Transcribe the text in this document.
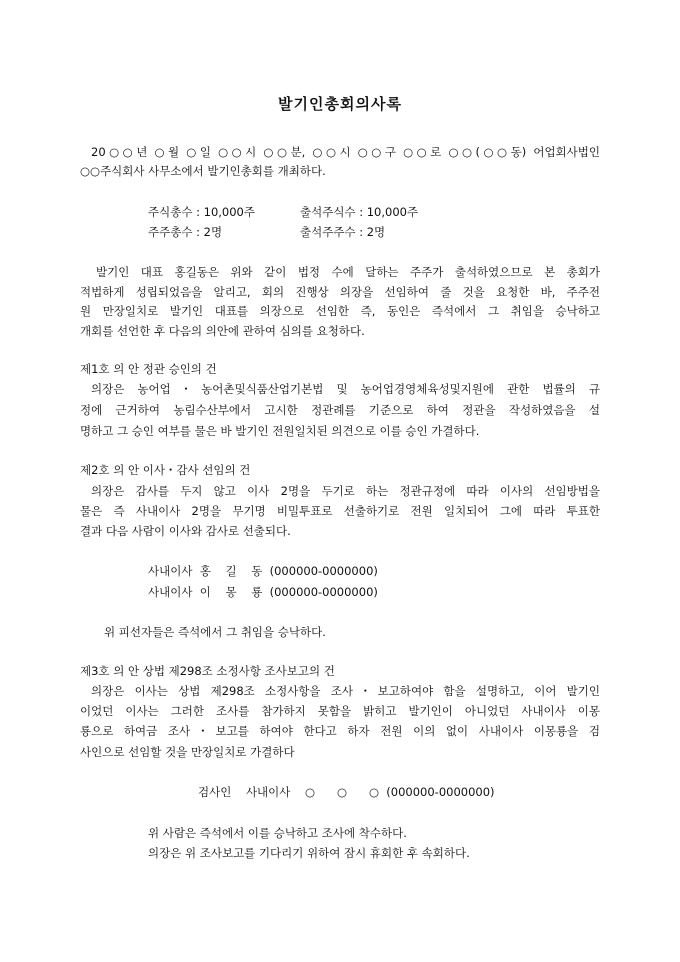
발기인총회의사록
20○○년 ○월 ○일 ○○시 ○○분, ○○시 ○○구 ○○로 ○○(○○동) 어업회사법인
○○주식회사 사무소에서 발기인총회를 개최하다.
주식총수 : 10,000주	출석주식수 : 10,000주
주주총수 : 2명	출석주주수 : 2명
발기인 대표 홍길동은 위와 같이 법정 수에 달하는 주주가 출석하였으므로 본 총회가
적법하게 성립되었음을 알리고, 회의 진행상 의장을 선임하여 줄 것을 요청한 바, 주주전
원 만장일치로 발기인 대표를 의장으로 선임한 즉, 동인은 즉석에서 그 취임을 승낙하고
개회를 선언한 후 다음의 의안에 관하여 심의를 요청하다.
제1호 의 안 정관 승인의 건
의장은 농어업・농어촌및식품산업기본법 및 농어업경영체육성및지원에 관한 법률의 규
정에 근거하여 농림수산부에서 고시한 정관례를 기준으로 하여 정관을 작성하였음을 설
명하고 그 승인 여부를 물은 바 발기인 전원일치된 의견으로 이를 승인 가결하다.
제2호 의 안 이사・감사 선임의 건
의장은 감사를 두지 않고 이사 2명을 두기로 하는 정관규정에 따라 이사의 선임방법을
물은 즉 사내이사 2명을 무기명 비밀투표로 선출하기로 전원 일치되어 그에 따라 투표한
결과 다음 사람이 이사와 감사로 선출되다.
사내이사  홍    길    동  (000000-0000000)
사내이사  이    몽    룡  (000000-0000000)
위 피선자들은 즉석에서 그 취임을 승낙하다.
제3호 의 안 상법 제298조 소정사항 조사보고의 건
의장은 이사는 상법 제298조 소정사항을 조사・보고하여야 함을 설명하고, 이어 발기인
이었던 이사는 그러한 조사를 참가하지 못함을 밝히고 발기인이 아니었던 사내이사 이몽
룡으로 하여금 조사・보고를 하여야 한다고 하자 전원 이의 없이 사내이사 이몽룡을 검
사인으로 선임할 것을 만장일치로 가결하다
검사인    사내이사    ○      ○      ○  (000000-0000000)
위 사람은 즉석에서 이를 승낙하고 조사에 착수하다.
의장은 위 조사보고를 기다리기 위하여 잠시 휴회한 후 속회하다.
